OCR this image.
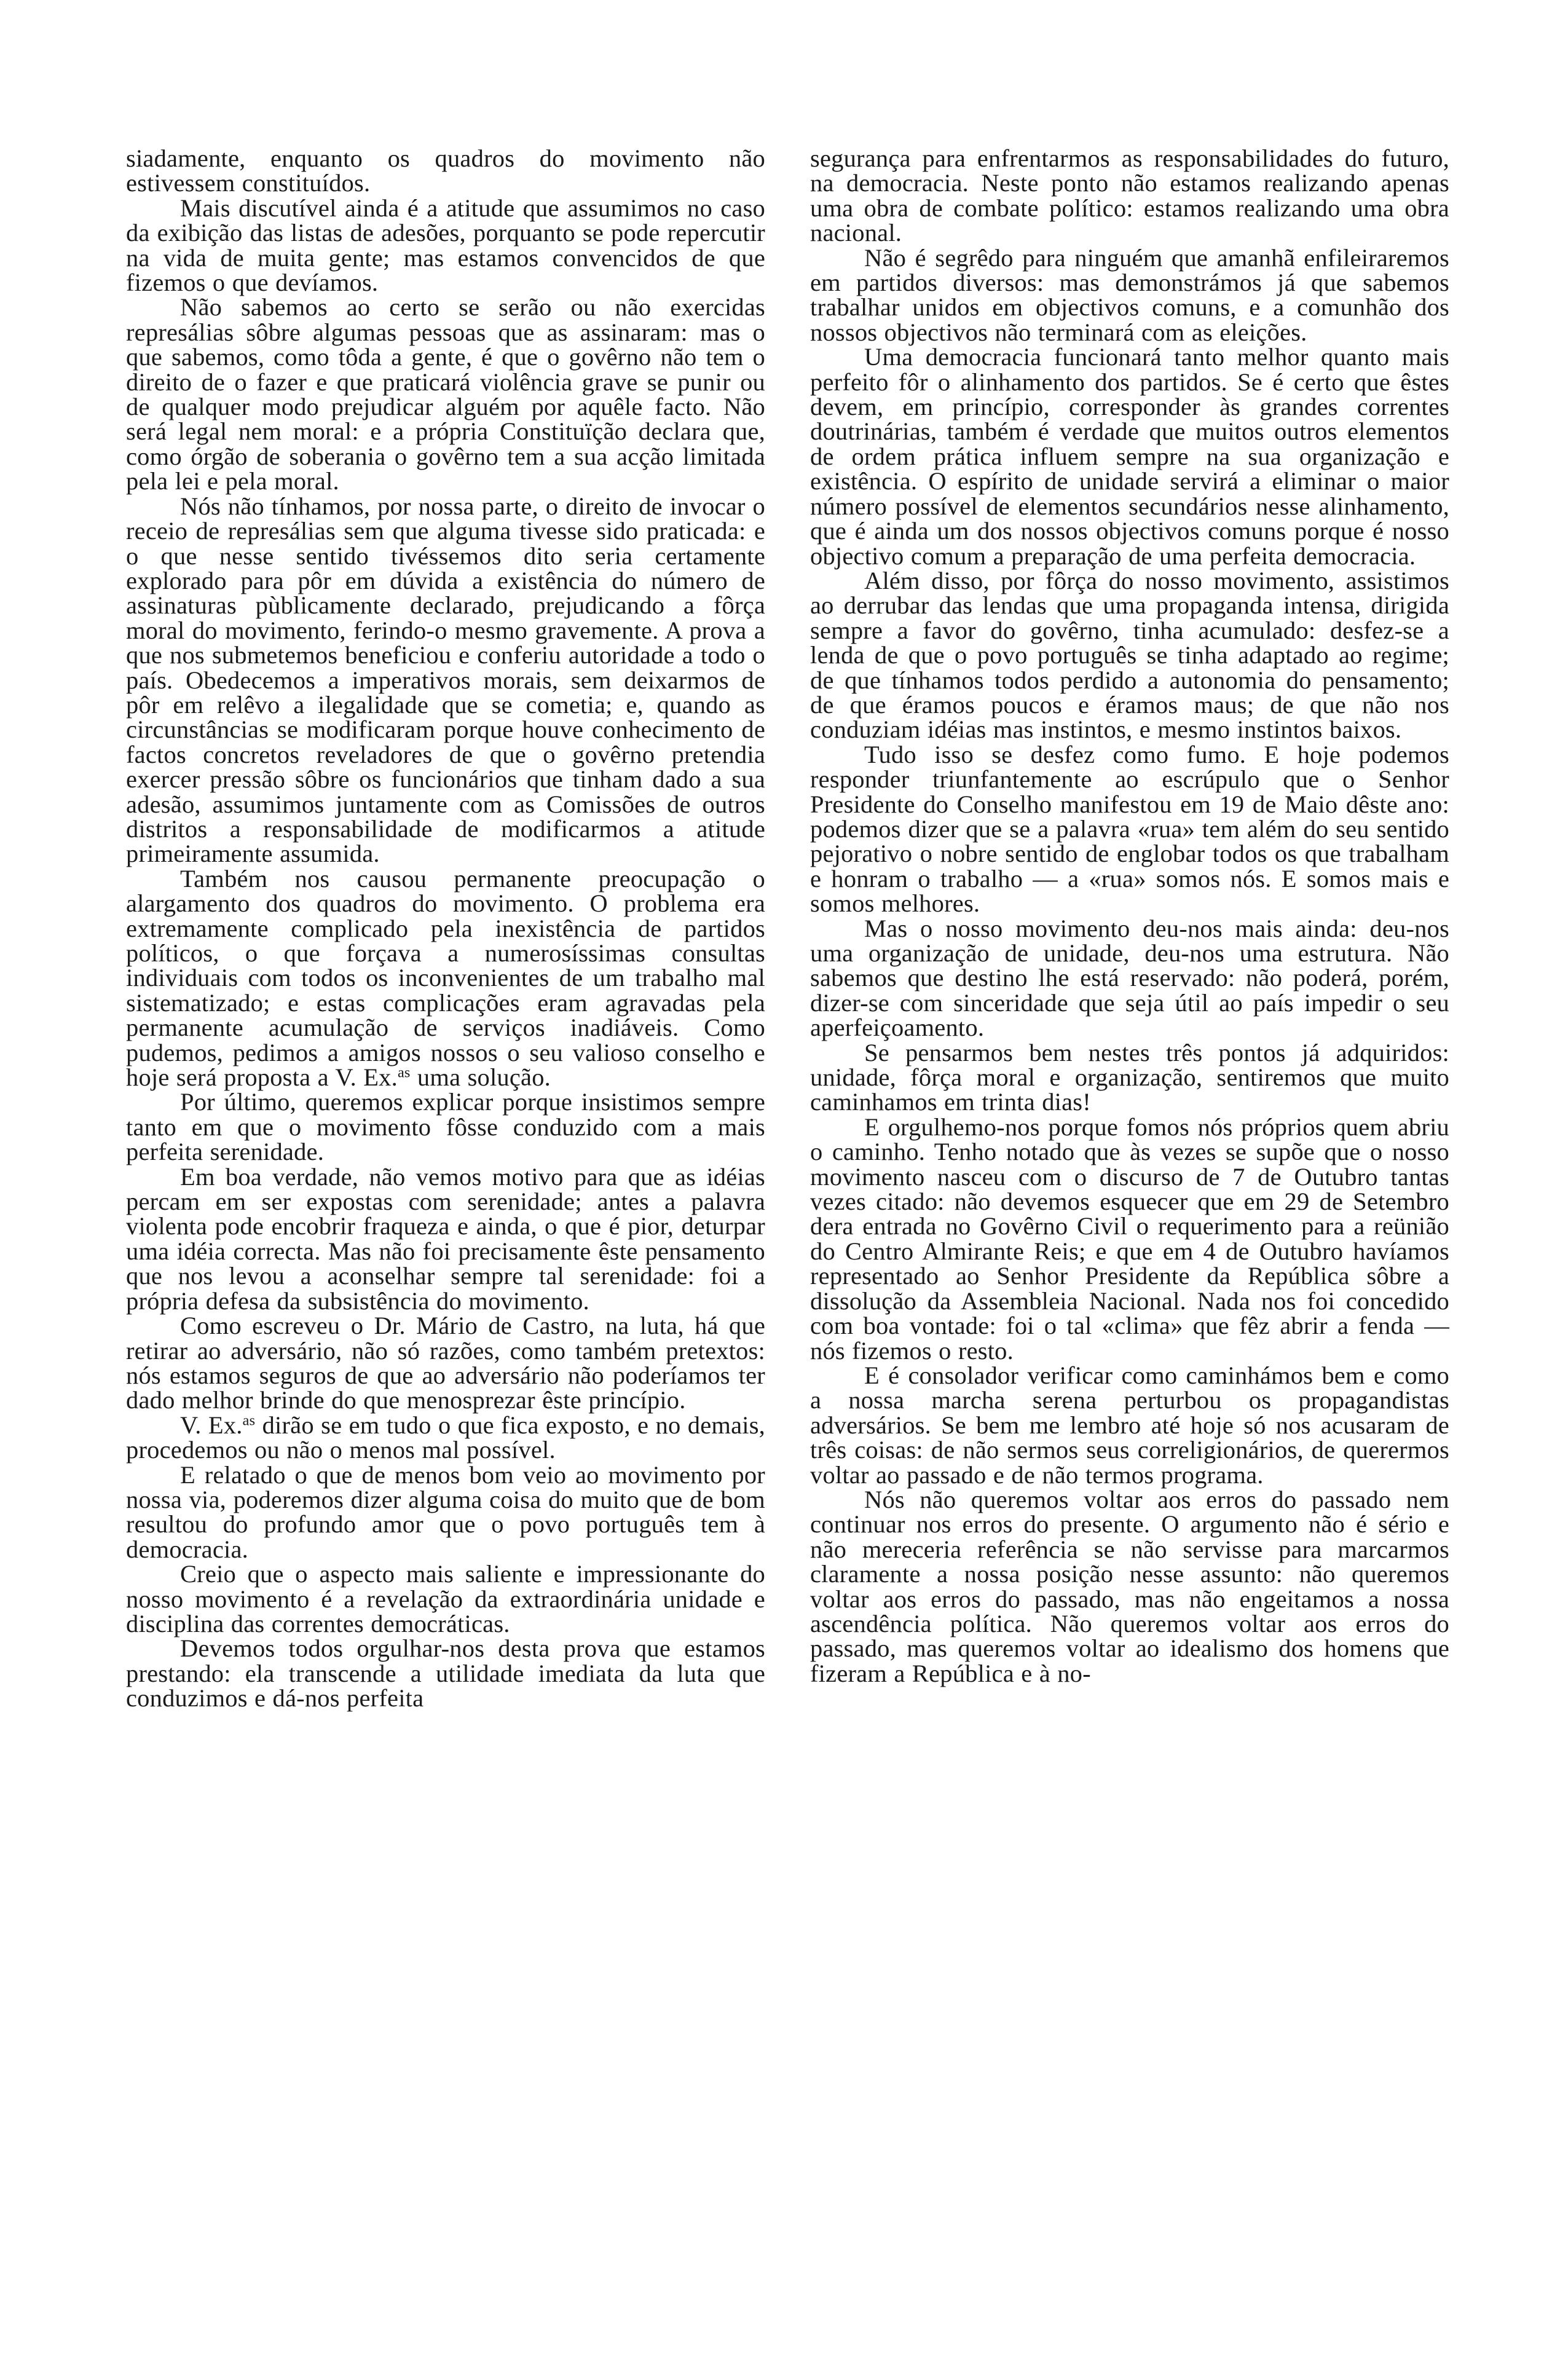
siadamente, enquanto os quadros do movimento não estivessem constituídos.

Mais discutível ainda é a atitude que assumimos no caso da exibição das listas de adesões, porquanto se pode repercutir na vida de muita gente; mas estamos convencidos de que fizemos o que devíamos.

Não sabemos ao certo se serão ou não exercidas represálias sôbre algumas pessoas que as assinaram: mas o que sabemos, como tôda a gente, é que o govêrno não tem o direito de o fazer e que praticará violência grave se punir ou de qualquer modo prejudicar alguém por aquêle facto. Não será legal nem moral: e a própria Constituïção declara que, como órgão de soberania o govêrno tem a sua acção limitada pela lei e pela moral.

Nós não tínhamos, por nossa parte, o direito de invocar o receio de represálias sem que alguma tivesse sido praticada: e o que nesse sentido tivéssemos dito seria certamente explorado para pôr em dúvida a existência do número de assinaturas pùblicamente declarado, prejudicando a fôrça moral do movimento, ferindo-o mesmo gravemente. A prova a que nos submetemos beneficiou e conferiu autoridade a todo o país. Obedecemos a imperativos morais, sem deixarmos de pôr em relêvo a ilegalidade que se cometia; e, quando as circunstâncias se modificaram porque houve conhecimento de factos concretos reveladores de que o govêrno pretendia exercer pressão sôbre os funcionários que tinham dado a sua adesão, assumimos juntamente com as Comissões de outros distritos a responsabilidade de modificarmos a atitude primeiramente assumida.

Também nos causou permanente preocupação o alargamento dos quadros do movimento. O problema era extremamente complicado pela inexistência de partidos políticos, o que forçava a numerosíssimas consultas individuais com todos os inconvenientes de um trabalho mal sistematizado; e estas complicações eram agravadas pela permanente acumulação de serviços inadiáveis. Como pudemos, pedimos a amigos nossos o seu valioso conselho e hoje será proposta a V. Ex.$^{as}$ uma solução.

Por último, queremos explicar porque insistimos sempre tanto em que o movimento fôsse conduzido com a mais perfeita serenidade.

Em boa verdade, não vemos motivo para que as idéias percam em ser expostas com serenidade; antes a palavra violenta pode encobrir fraqueza e ainda, o que é pior, deturpar uma idéia correcta. Mas não foi precisamente êste pensamento que nos levou a aconselhar sempre tal serenidade: foi a própria defesa da subsistência do movimento.

Como escreveu o Dr. Mário de Castro, na luta, há que retirar ao adversário, não só razões, como também pretextos: nós estamos seguros de que ao adversário não poderíamos ter dado melhor brinde do que menosprezar êste princípio.

V. Ex.$^{as}$ dirão se em tudo o que fica exposto, e no demais, procedemos ou não o menos mal possível.

E relatado o que de menos bom veio ao movimento por nossa via, poderemos dizer alguma coisa do muito que de bom resultou do profundo amor que o povo português tem à democracia.

Creio que o aspecto mais saliente e impressionante do nosso movimento é a revelação da extraordinária unidade e disciplina das correntes democráticas.

Devemos todos orgulhar-nos desta prova que estamos prestando: ela transcende a utilidade imediata da luta que conduzimos e dá-nos perfeita

segurança para enfrentarmos as responsabilidades do futuro, na democracia. Neste ponto não estamos realizando apenas uma obra de combate político: estamos realizando uma obra nacional.

Não é segrêdo para ninguém que amanhã enfileiraremos em partidos diversos: mas demonstrámos já que sabemos trabalhar unidos em objectivos comuns, e a comunhão dos nossos objectivos não terminará com as eleições.

Uma democracia funcionará tanto melhor quanto mais perfeito fôr o alinhamento dos partidos. Se é certo que êstes devem, em princípio, corresponder às grandes correntes doutrinárias, também é verdade que muitos outros elementos de ordem prática influem sempre na sua organização e existência. O espírito de unidade servirá a eliminar o maior número possível de elementos secundários nesse alinhamento, que é ainda um dos nossos objectivos comuns porque é nosso objectivo comum a preparação de uma perfeita democracia.

Além disso, por fôrça do nosso movimento, assistimos ao derrubar das lendas que uma propaganda intensa, dirigida sempre a favor do govêrno, tinha acumulado: desfez-se a lenda de que o povo português se tinha adaptado ao regime; de que tínhamos todos perdido a autonomia do pensamento; de que éramos poucos e éramos maus; de que não nos conduziam idéias mas instintos, e mesmo instintos baixos.

Tudo isso se desfez como fumo. E hoje podemos responder triunfantemente ao escrúpulo que o Senhor Presidente do Conselho manifestou em 19 de Maio dêste ano: podemos dizer que se a palavra «rua» tem além do seu sentido pejorativo o nobre sentido de englobar todos os que trabalham e honram o trabalho — a «rua» somos nós. E somos mais e somos melhores.

Mas o nosso movimento deu-nos mais ainda: deu-nos uma organização de unidade, deu-nos uma estrutura. Não sabemos que destino lhe está reservado: não poderá, porém, dizer-se com sinceridade que seja útil ao país impedir o seu aperfeiçoamento.

Se pensarmos bem nestes três pontos já adquiridos: unidade, fôrça moral e organização, sentiremos que muito caminhamos em trinta dias!

E orgulhemo-nos porque fomos nós próprios quem abriu o caminho. Tenho notado que às vezes se supõe que o nosso movimento nasceu com o discurso de 7 de Outubro tantas vezes citado: não devemos esquecer que em 29 de Setembro dera entrada no Govêrno Civil o requerimento para a reünião do Centro Almirante Reis; e que em 4 de Outubro havíamos representado ao Senhor Presidente da República sôbre a dissolução da Assembleia Nacional. Nada nos foi concedido com boa vontade: foi o tal «clima» que fêz abrir a fenda — nós fizemos o resto.

E é consolador verificar como caminhámos bem e como a nossa marcha serena perturbou os propagandistas adversários. Se bem me lembro até hoje só nos acusaram de três coisas: de não sermos seus correligionários, de querermos voltar ao passado e de não termos programa.

Nós não queremos voltar aos erros do passado nem continuar nos erros do presente. O argumento não é sério e não mereceria referência se não servisse para marcarmos claramente a nossa posição nesse assunto: não queremos voltar aos erros do passado, mas não engeitamos a nossa ascendência política. Não queremos voltar aos erros do passado, mas queremos voltar ao idealismo dos homens que fizeram a República e à no-
